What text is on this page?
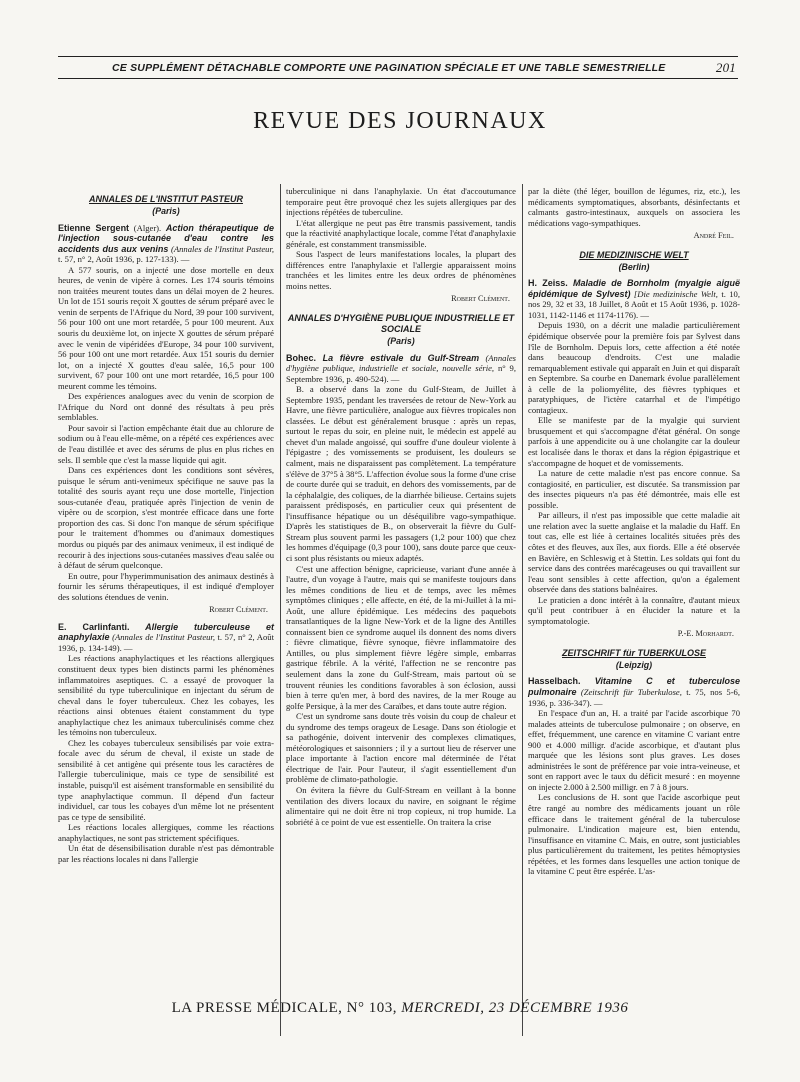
CE SUPPLÉMENT DÉTACHABLE COMPORTE UNE PAGINATION SPÉCIALE ET UNE TABLE SEMESTRIELLE	201
REVUE DES JOURNAUX
ANNALES DE L'INSTITUT PASTEUR
(Paris)

Etienne Sergent (Alger). Action thérapeutique de l'injection sous-cutanée d'eau contre les accidents dus aux venins (Annales de l'Institut Pasteur, t. 57, n° 2, Août 1936, p. 127-133). —

A 577 souris, on a injecté une dose mortelle en deux heures, de venin de vipère à cornes. Les 174 souris témoins non traitées meurent toutes dans un délai moyen de 2 heures. Un lot de 151 souris reçoit X gouttes de sérum préparé avec le venin de serpents de l'Afrique du Nord, 39 pour 100 survivent, 56 pour 100 ont une mort retardée, 5 pour 100 meurent. Aux souris du deuxième lot, on injecte X gouttes de sérum préparé avec le venin de vipéridées d'Europe, 34 pour 100 survivent, 56 pour 100 ont une mort retardée. Aux 151 souris du dernier lot, on a injecté X gouttes d'eau salée, 16,5 pour 100 survivent, 67 pour 100 ont une mort retardée, 16,5 pour 100 meurent comme les témoins.

Des expériences analogues avec du venin de scorpion de l'Afrique du Nord ont donné des résultats à peu près semblables.

Pour savoir si l'action empêchante était due au chlorure de sodium ou à l'eau elle-même, on a répété ces expériences avec de l'eau distillée et avec des sérums de plus en plus riches en sels. Il semble que c'est la masse liquide qui agit.

Dans ces expériences dont les conditions sont sévères, puisque le sérum anti-venimeux spécifique ne sauve pas la totalité des souris ayant reçu une dose mortelle, l'injection sous-cutanée d'eau, pratiquée après l'injection de venin de vipère ou de scorpion, s'est montrée efficace dans une forte proportion des cas. Si donc l'on manque de sérum spécifique pour le traitement d'hommes ou d'animaux domestiques mordus ou piqués par des animaux venimeux, il est indiqué de recourir à des injections sous-cutanées massives d'eau salée ou à défaut de sérum quelconque.

En outre, pour l'hyperimmunisation des animaux destinés à fournir les sérums thérapeutiques, il est indiqué d'employer des solutions étendues de venin.

Robert Clément.

E. Carlinfanti. Allergie tuberculeuse et anaphylaxie (Annales de l'Institut Pasteur, t. 57, n° 2, Août 1936, p. 134-149). —

Les réactions anaphylactiques et les réactions allergiques constituent deux types bien distincts parmi les phénomènes inflammatoires aseptiques. C. a essayé de provoquer la sensibilité du type tuberculinique en injectant du sérum de cheval dans le foyer tuberculeux. Chez les cobayes, les réactions ainsi obtenues étaient constamment du type anaphylactique chez les animaux tuberculinisés comme chez les témoins non tuberculeux.

Chez les cobayes tuberculeux sensibilisés par voie extra-focale avec du sérum de cheval, il existe un stade de sensibilité à cet antigène qui présente tous les caractères de l'allergie tuberculinique, mais ce type de sensibilité est instable, puisqu'il est aisément transformable en sensibilité du type anaphylactique commun. Il dépend d'un facteur individuel, car tous les cobayes d'un même lot ne présentent pas ce type de sensibilité.

Les réactions locales allergiques, comme les réactions anaphylactiques, ne sont pas strictement spécifiques.

Un état de désensibilisation durable n'est pas démontrable par les réactions locales ni dans l'allergie

tuberculinique ni dans l'anaphylaxie. Un état d'accoutumance temporaire peut être provoqué chez les sujets allergiques par des injections répétées de tuberculine.

L'état allergique ne peut pas être transmis passivement, tandis que la réactivité anaphylactique locale, comme l'état d'anaphylaxie générale, est constamment transmissible.

Sous l'aspect de leurs manifestations locales, la plupart des différences entre l'anaphylaxie et l'allergie apparaissent moins tranchées et les limites entre les deux ordres de phénomènes moins nettes.

Robert Clément.
ANNALES D'HYGIÈNE PUBLIQUE INDUSTRIELLE ET SOCIALE
(Paris)

Bohec. La fièvre estivale du Gulf-Stream (Annales d'hygiène publique, industrielle et sociale, nouvelle série, n° 9, Septembre 1936, p. 490-524). —

B. a observé dans la zone du Gulf-Steam, de Juillet à Septembre 1935, pendant les traversées de retour de New-York au Havre, une fièvre particulière, analogue aux fièvres tropicales non classées. Le début est généralement brusque : après un repas, surtout le repas du soir, en pleine nuit, le médecin est appelé au chevet d'un malade angoissé, qui souffre d'une douleur violente à l'épigastre ; des vomissements se produisent, les douleurs se calment, mais ne disparaissent pas complètement. La température s'élève de 37°5 à 38°5. L'affection évolue sous la forme d'une crise de courte durée qui se traduit, en dehors des vomissements, par de la céphalalgie, des coliques, de la diarrhée bilieuse. Certains sujets paraissent prédisposés, en particulier ceux qui présentent de l'insuffisance hépatique ou un déséquilibre vago-sympathique. D'après les statistiques de B., on observerait la fièvre du Gulf-Stream plus souvent parmi les passagers (1,2 pour 100) que chez les hommes d'équipage (0,3 pour 100), sans doute parce que ceux-ci sont plus résistants ou mieux adaptés.

C'est une affection bénigne, capricieuse, variant d'une année à l'autre, d'un voyage à l'autre, mais qui se manifeste toujours dans les mêmes conditions de lieu et de temps, avec les mêmes symptômes cliniques ; elle affecte, en été, de la mi-Juillet à la mi-Août, une allure épidémique. Les médecins des paquebots transatlantiques de la ligne New-York et de la ligne des Antilles connaissent bien ce syndrome auquel ils donnent des noms divers : fièvre climatique, fièvre synoque, fièvre inflammatoire des Antilles, ou plus simplement fièvre légère simple, embarras gastrique fébrile. A la vérité, l'affection ne se rencontre pas seulement dans la zone du Gulf-Stream, mais partout où se trouvent réunies les conditions favorables à son éclosion, aussi bien à terre qu'en mer, à bord des navires, de la mer Rouge au golfe Persique, à la mer des Caraïbes, et dans toute autre région.

C'est un syndrome sans doute très voisin du coup de chaleur et du syndrome des temps orageux de Lesage. Dans son étiologie et sa pathogénie, doivent intervenir des complexes climatiques, météorologiques et saisonniers ; il y a surtout lieu de réserver une place importante à l'action encore mal déterminée de l'état électrique de l'air. Pour l'auteur, il s'agit essentiellement d'un problème de climato-pathologie.

On évitera la fièvre du Gulf-Stream en veillant à la bonne ventilation des divers locaux du navire, en soignant le régime alimentaire qui ne doit être ni trop copieux, ni trop humide. La sobriété à ce point de vue est essentielle. On traitera la crise

par la diète (thé léger, bouillon de légumes, riz, etc.), les médicaments symptomatiques, absorbants, désinfectants et calmants gastro-intestinaux, auxquels on associera les médications vago-sympathiques.

André Feil.
DIE MEDIZINISCHE WELT
(Berlin)

H. Zeiss. Maladie de Bornholm (myalgie aiguë épidémique de Sylvest) [Die medizinische Welt, t. 10, nos 29, 32 et 33, 18 Juillet, 8 Août et 15 Août 1936, p. 1028-1031, 1142-1146 et 1174-1176). —

Depuis 1930, on a décrit une maladie particulièrement épidémique observée pour la première fois par Sylvest dans l'île de Bornholm. Depuis lors, cette affection a été notée dans beaucoup d'endroits. C'est une maladie remarquablement estivale qui apparaît en Juin et qui disparaît en Septembre. Sa courbe en Danemark évolue parallèlement à celle de la poliomyélite, des fièvres typhiques et paratyphiques, de l'ictère catarrhal et de l'impétigo contagieux.

Elle se manifeste par de la myalgie qui survient brusquement et qui s'accompagne d'état général. On songe parfois à une appendicite ou à une cholangite car la douleur est localisée dans le thorax et dans la région épigastrique et s'accompagne de hoquet et de vomissements.

La nature de cette maladie n'est pas encore connue. Sa contagiosité, en particulier, est discutée. Sa transmission par des insectes piqueurs n'a pas été démontrée, mais elle est possible.

Par ailleurs, il n'est pas impossible que cette maladie ait une relation avec la suette anglaise et la maladie du Haff. En tout cas, elle est liée à certaines localités situées près des côtes et des fleuves, aux îles, aux fiords. Elle a été observée en Bavière, en Schleswig et à Stettin. Les soldats qui font du service dans des contrées marécageuses ou qui travaillent sur l'eau sont sensibles à cette affection, qu'on a également observée dans des stations balnéaires.

Le praticien a donc intérêt à la connaître, d'autant mieux qu'il peut contribuer à en élucider la nature et la symptomatologie.

P.-E. Morhardt.
ZEITSCHRIFT für TUBERKULOSE
(Leipzig)

Hasselbach. Vitamine C et tuberculose pulmonaire (Zeitschrift für Tuberkulose, t. 75, nos 5-6, 1936, p. 336-347). —

En l'espace d'un an, H. a traité par l'acide ascorbique 70 malades atteints de tuberculose pulmonaire ; on observe, en effet, fréquemment, une carence en vitamine C variant entre 900 et 4.000 milligr. d'acide ascorbique, et d'autant plus marquée que les lésions sont plus graves. Les doses administrées le sont de préférence par voie intra-veineuse, et sont en rapport avec le taux du déficit mesuré : en moyenne on injecte 2.000 à 2.500 milligr. en 7 à 8 jours.

Les conclusions de H. sont que l'acide ascorbique peut être rangé au nombre des médicaments jouant un rôle efficace dans le traitement général de la tuberculose pulmonaire. L'indication majeure est, bien entendu, l'insuffisance en vitamine C. Mais, en outre, sont justiciables plus particulièrement du traitement, les petites hémoptysies répétées, et les formes dans lesquelles une action tonique de la vitamine C peut être espérée. L'as-

LA PRESSE MÉDICALE, N° 103, MERCREDI, 23 DÉCEMBRE 1936
